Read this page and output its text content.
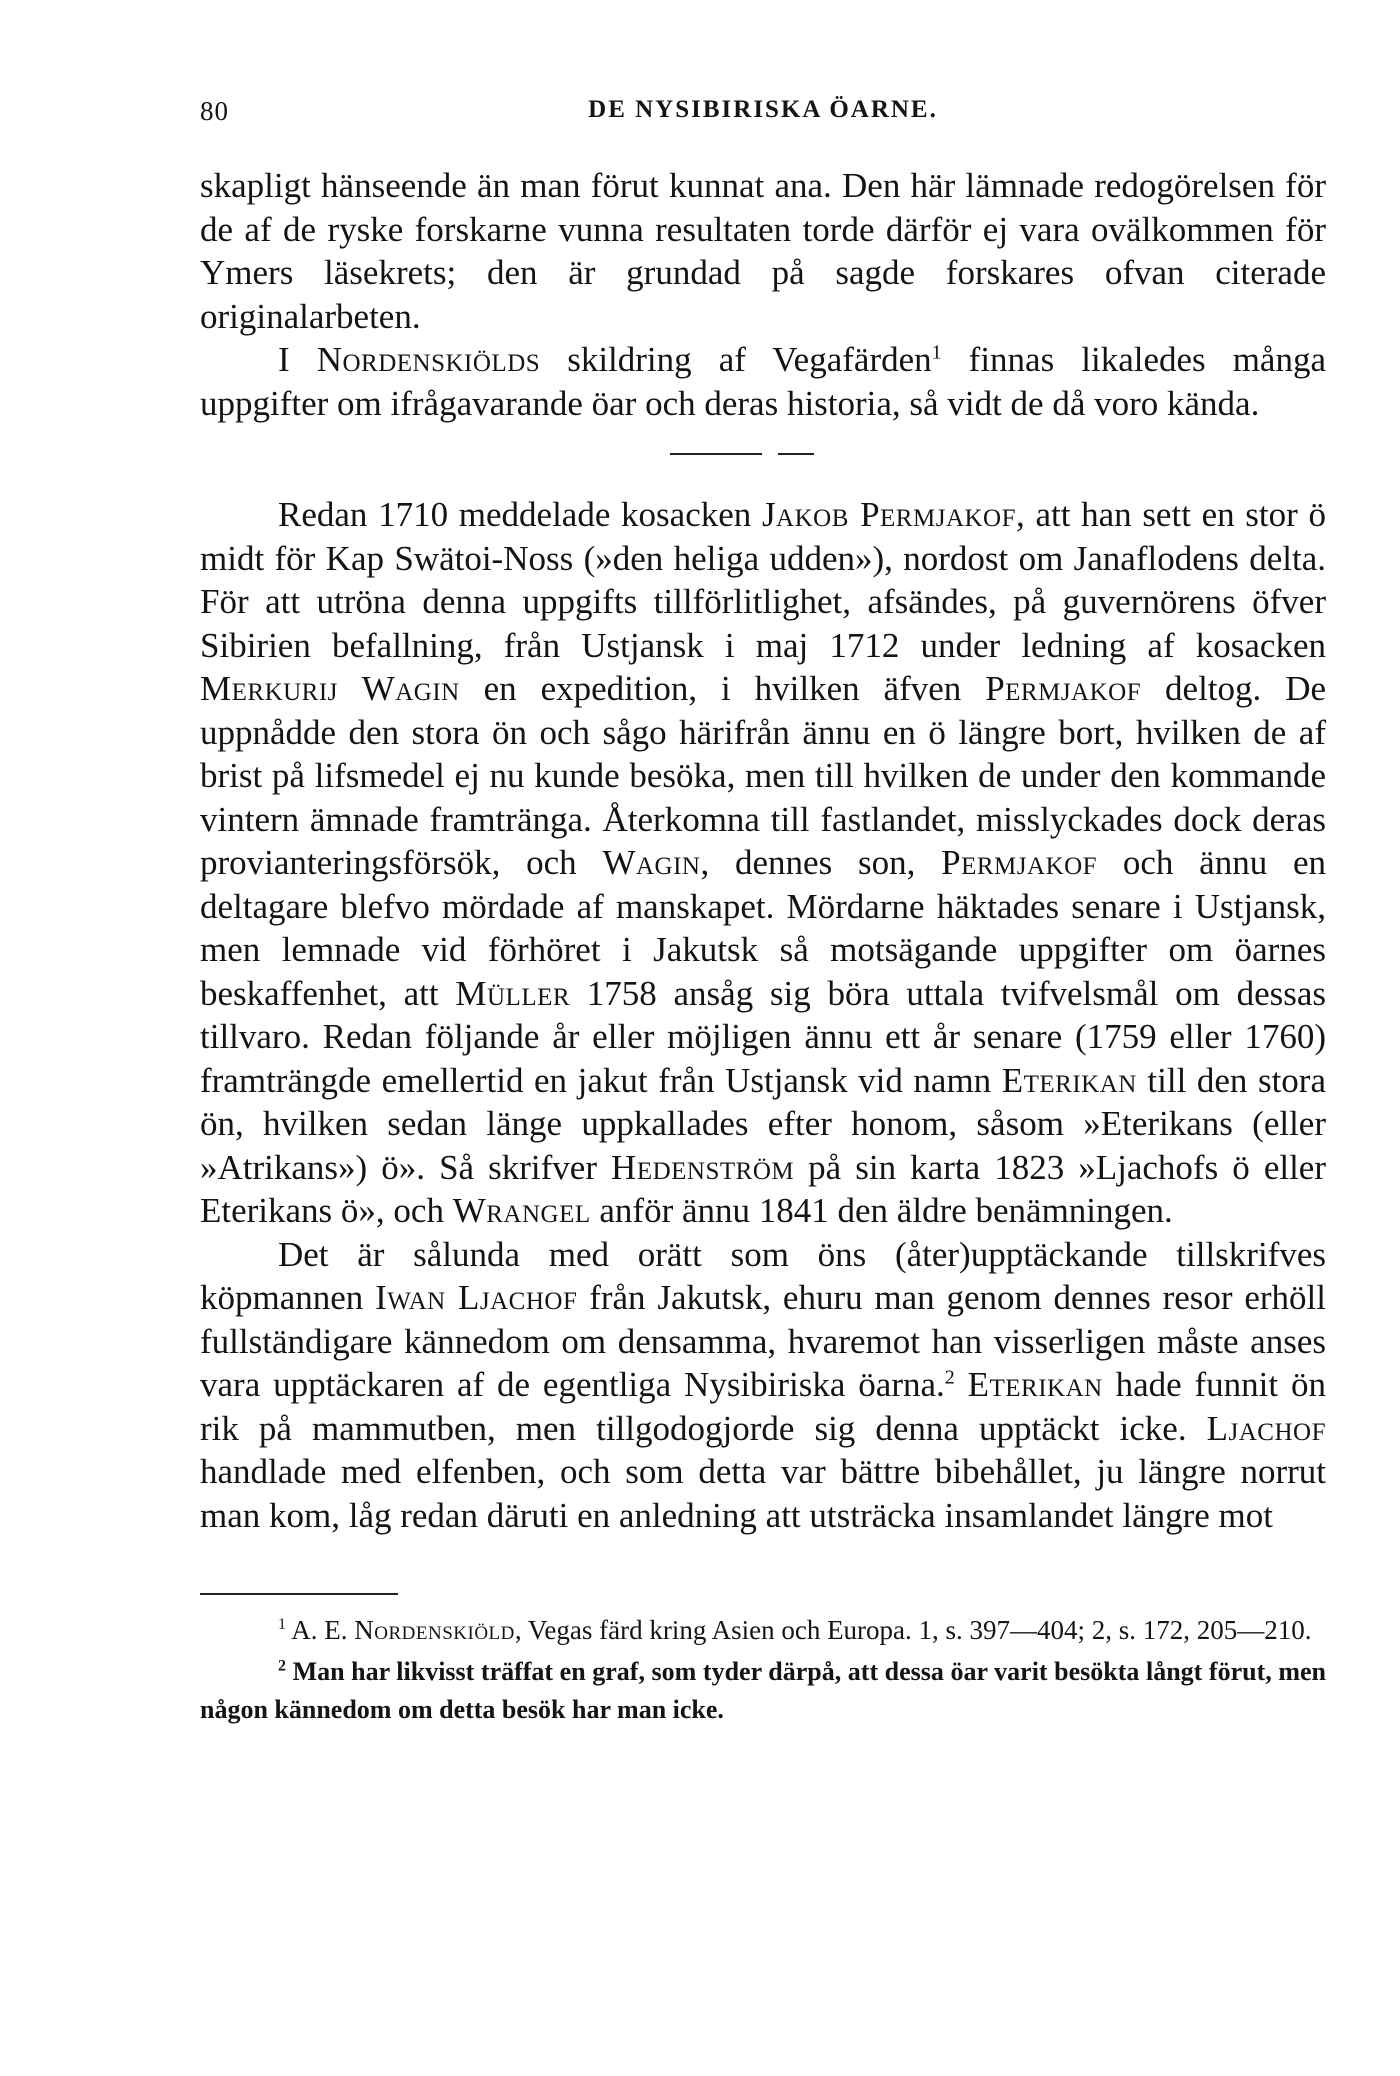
80	DE NYSIBIRISKA ÖARNE.

skapligt hänseende än man förut kunnat ana. Den här lämnade redogörelsen för de af de ryske forskarne vunna resultaten torde därför ej vara ovälkommen för Ymers läsekrets; den är grundad på sagde forskares ofvan citerade originalarbeten.

I Nordenskiölds skildring af Vegafärden$^1$ finnas likaledes många uppgifter om ifrågavarande öar och deras historia, så vidt de då voro kända.

Redan 1710 meddelade kosacken Jakob Permjakof, att han sett en stor ö midt för Kap Swätoi-Noss (»den heliga udden»), nordost om Janaflodens delta. För att utröna denna uppgifts tillförlitlighet, afsändes, på guvernörens öfver Sibirien befallning, från Ustjansk i maj 1712 under ledning af kosacken Merkurij Wagin en expedition, i hvilken äfven Permjakof deltog. De uppnådde den stora ön och sågo härifrån ännu en ö längre bort, hvilken de af brist på lifsmedel ej nu kunde besöka, men till hvilken de under den kommande vintern ämnade framtränga. Återkomna till fastlandet, misslyckades dock deras provianteringsförsök, och Wagin, dennes son, Permjakof och ännu en deltagare blefvo mördade af manskapet. Mördarne häktades senare i Ustjansk, men lemnade vid förhöret i Jakutsk så motsägande uppgifter om öarnes beskaffenhet, att Müller 1758 ansåg sig böra uttala tvifvelsmål om dessas tillvaro. Redan följande år eller möjligen ännu ett år senare (1759 eller 1760) framträngde emellertid en jakut från Ustjansk vid namn Eterikan till den stora ön, hvilken sedan länge uppkallades efter honom, såsom »Eterikans (eller »Atrikans») ö». Så skrifver Hedenström på sin karta 1823 »Ljachofs ö eller Eterikans ö», och Wrangel anför ännu 1841 den äldre benämningen.

Det är sålunda med orätt som öns (åter)upptäckande tillskrifves köpmannen Iwan Ljachof från Jakutsk, ehuru man genom dennes resor erhöll fullständigare kännedom om densamma, hvaremot han visserligen måste anses vara upptäckaren af de egentliga Nysibiriska öarna.$^2$ Eterikan hade funnit ön rik på mammutben, men tillgodogjorde sig denna upptäckt icke. Ljachof handlade med elfenben, och som detta var bättre bibehållet, ju längre norrut man kom, låg redan däruti en anledning att utsträcka insamlandet längre mot

$^1$ A. E. Nordenskiöld, Vegas färd kring Asien och Europa. 1, s. 397—404; 2, s. 172, 205—210.

$^2$ Man har likvisst träffat en graf, som tyder därpå, att dessa öar varit besökta långt förut, men någon kännedom om detta besök har man icke.
